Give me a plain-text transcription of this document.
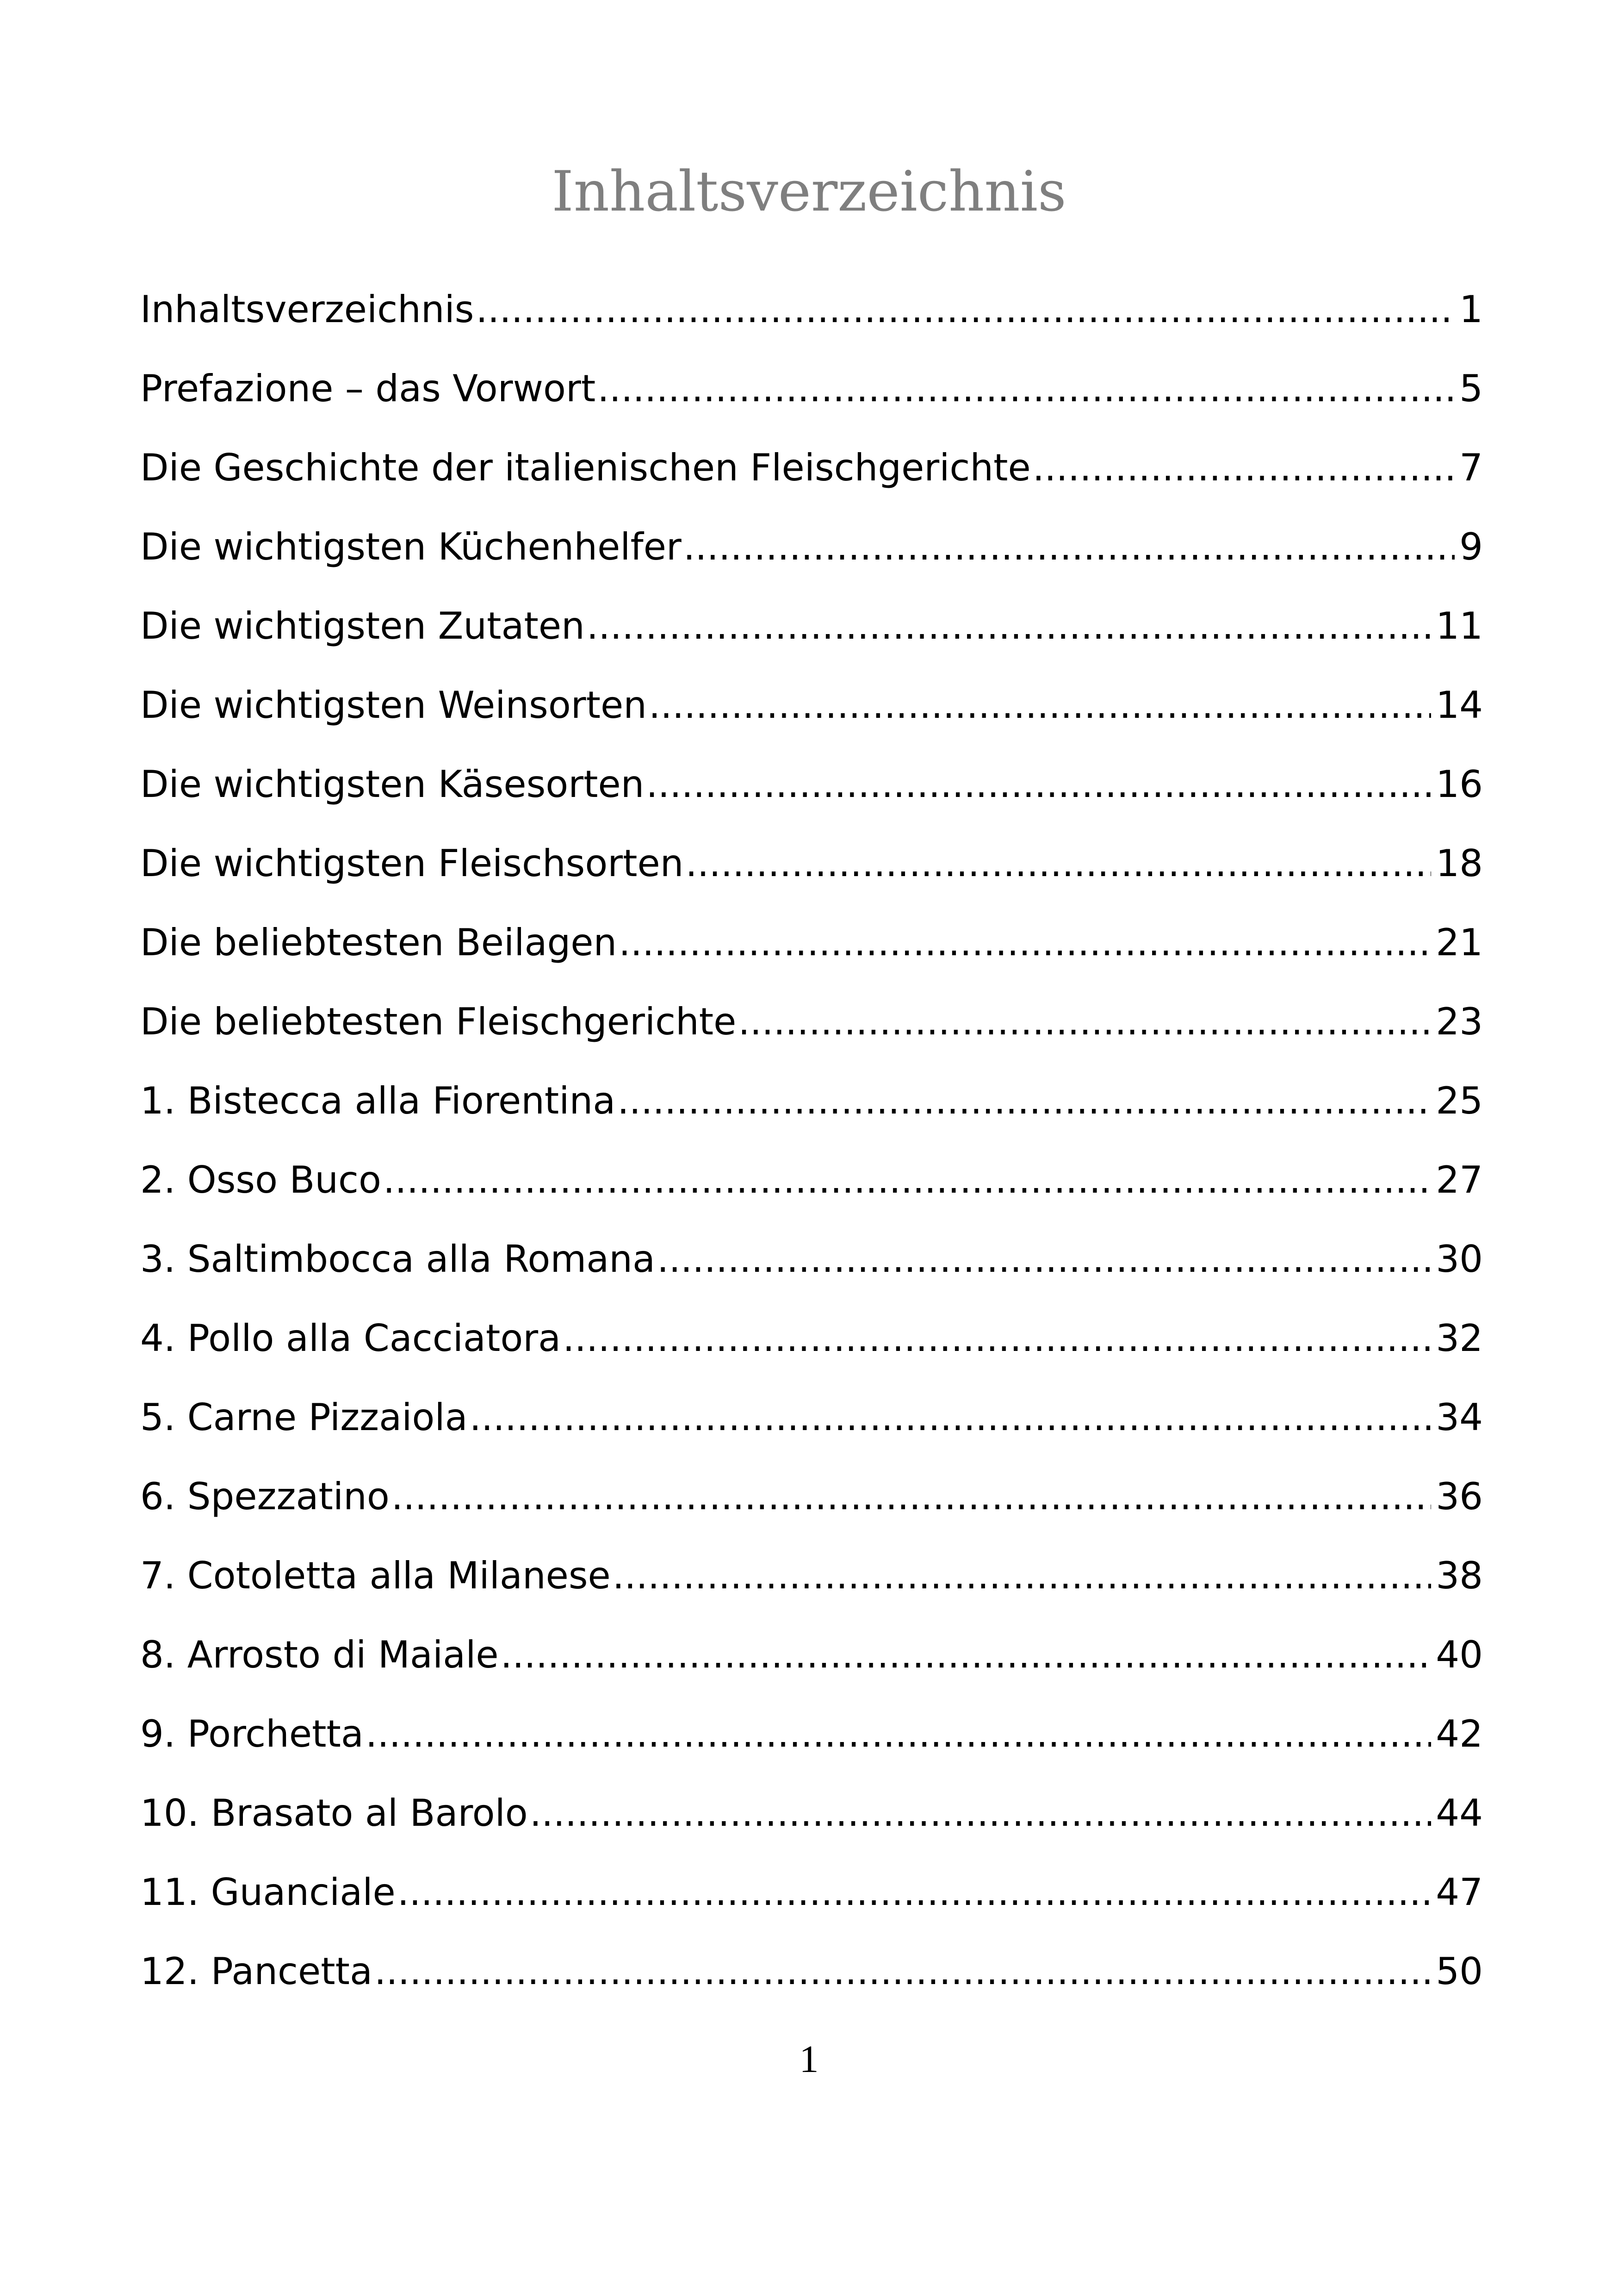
Inhaltsverzeichnis
Inhaltsverzeichnis .....	1
Prefazione – das Vorwort .....	5
Die Geschichte der italienischen Fleischgerichte .....	7
Die wichtigsten Küchenhelfer .....	9
Die wichtigsten Zutaten .....	11
Die wichtigsten Weinsorten .....	14
Die wichtigsten Käsesorten .....	16
Die wichtigsten Fleischsorten .....	18
Die beliebtesten Beilagen .....	21
Die beliebtesten Fleischgerichte .....	23
1. Bistecca alla Fiorentina .....	25
2. Osso Buco .....	27
3. Saltimbocca alla Romana .....	30
4. Pollo alla Cacciatora .....	32
5. Carne Pizzaiola .....	34
6. Spezzatino .....	36
7. Cotoletta alla Milanese .....	38
8. Arrosto di Maiale .....	40
9. Porchetta .....	42
10. Brasato al Barolo .....	44
11. Guanciale .....	47
12. Pancetta .....	50
1
